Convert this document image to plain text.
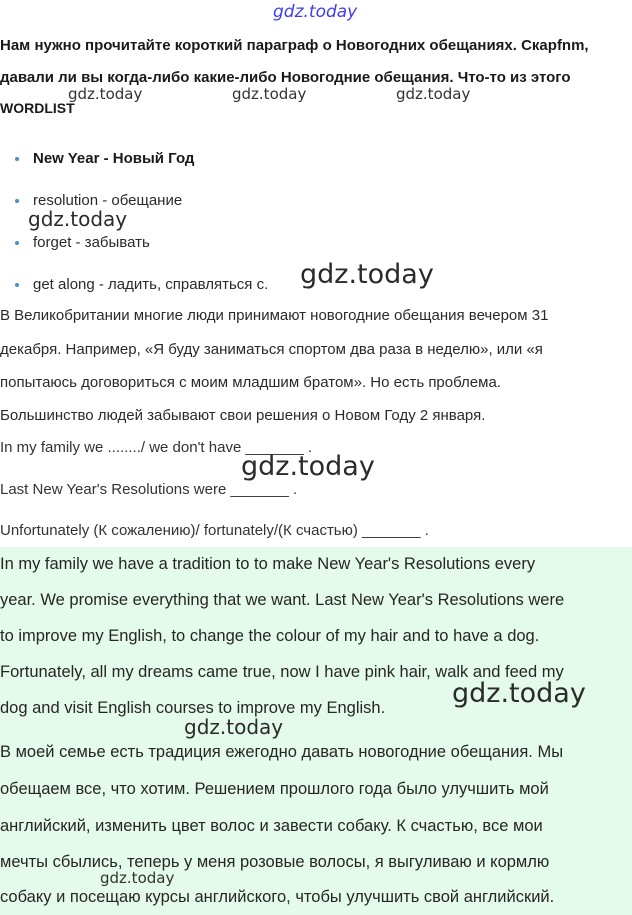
gdz.today

Нам нужно прочитайте короткий параграф о Новогодних обещаниях. Скарfnm,

давали ли вы когда-либо какие-либо Новогодние обещания. Что-то из этого

WORDLIST

gdz.today	gdz.today	gdz.today
New Year - Новый Год
resolution - обещание
forget - забывать
get along - ладить, справляться с.
gdz.today
gdz.today

В Великобритании многие люди принимают новогодние обещания вечером 31

декабря. Например, «Я буду заниматься спортом два раза в неделю», или «я

попытаюсь договориться с моим младшим братом». Но есть проблема.

Большинство людей забывают свои решения о Новом Году 2 января.

In my family we ......../ we don't have _______ .

gdz.today

Last New Year's Resolutions were _______ .

Unfortunately (К сожалению)/ fortunately/(К счастью) _______ .

In my family we have a tradition to to make New Year's Resolutions every

year. We promise everything that we want. Last New Year's Resolutions were

to improve my English, to change the colour of my hair and to have a dog.

Fortunately, all my dreams came true, now I have pink hair, walk and feed my

dog and visit English courses to improve my English. gdz.today
gdz.today

В моей семье есть традиция ежегодно давать новогодние обещания. Мы

обещаем все, что хотим. Решением прошлого года было улучшить мой

английский, изменить цвет волос и завести собаку. К счастью, все мои

мечты сбылись, теперь у меня розовые волосы, я выгуливаю и кормлю

gdz.today

собаку и посещаю курсы английского, чтобы улучшить свой английский.
